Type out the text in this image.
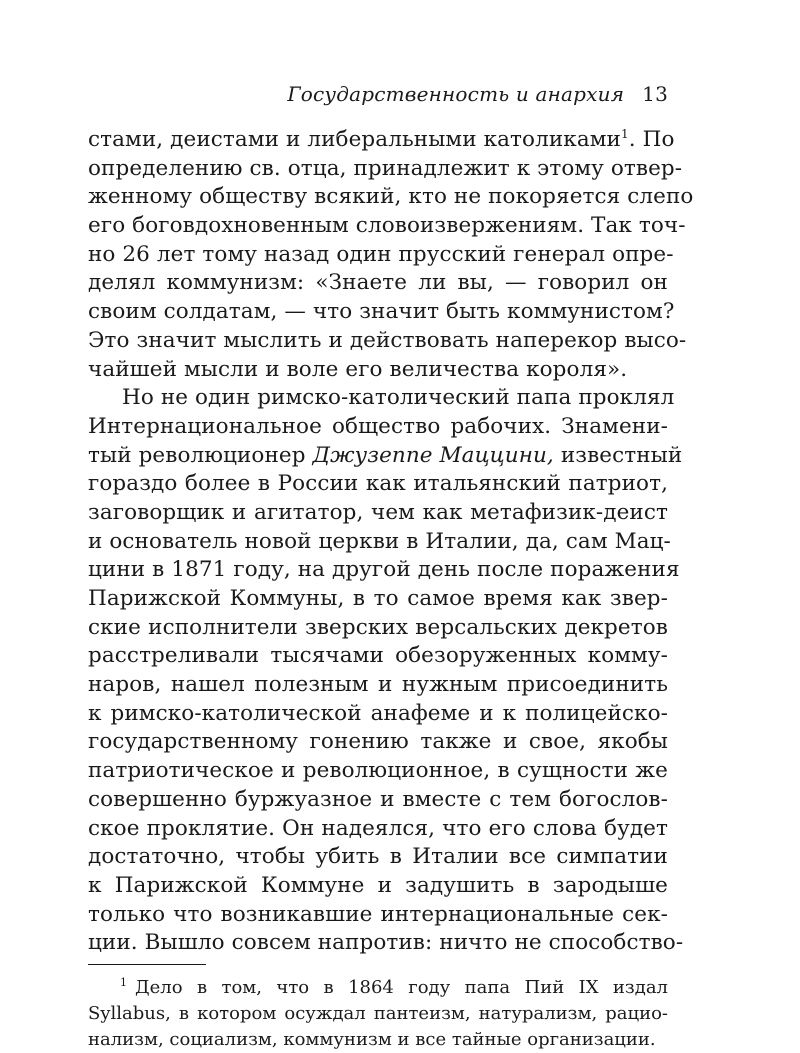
Государственность и анархия 13
стами, деистами и либеральными католиками$^1$. По
определению св. отца, принадлежит к этому отвер-
женному обществу всякий, кто не покоряется слепо
его боговдохновенным словоизвержениям. Так точ-
но 26 лет тому назад один прусский генерал опре-
делял коммунизм: «Знаете ли вы, — говорил он
своим солдатам, — что значит быть коммунистом?
Это значит мыслить и действовать наперекор высо-
чайшей мысли и воле его величества короля».
Но не один римско-католический папа проклял
Интернациональное общество рабочих. Знамени-
тый революционер Джузеппе Маццини, известный
гораздо более в России как итальянский патриот,
заговорщик и агитатор, чем как метафизик-деист
и основатель новой церкви в Италии, да, сам Мац-
цини в 1871 году, на другой день после поражения
Парижской Коммуны, в то самое время как звер-
ские исполнители зверских версальских декретов
расстреливали тысячами обезоруженных комму-
наров, нашел полезным и нужным присоединить
к римско-католической анафеме и к полицейско-
государственному гонению также и свое, якобы
патриотическое и революционное, в сущности же
совершенно буржуазное и вместе с тем богослов-
ское проклятие. Он надеялся, что его слова будет
достаточно, чтобы убить в Италии все симпатии
к Парижской Коммуне и задушить в зародыше
только что возникавшие интернациональные сек-
ции. Вышло совсем напротив: ничто не способство-
$^1$ Дело в том, что в 1864 году папа Пий IX издал
Syllabus, в котором осуждал пантеизм, натурализм, рацио-
нализм, социализм, коммунизм и все тайные организации.
